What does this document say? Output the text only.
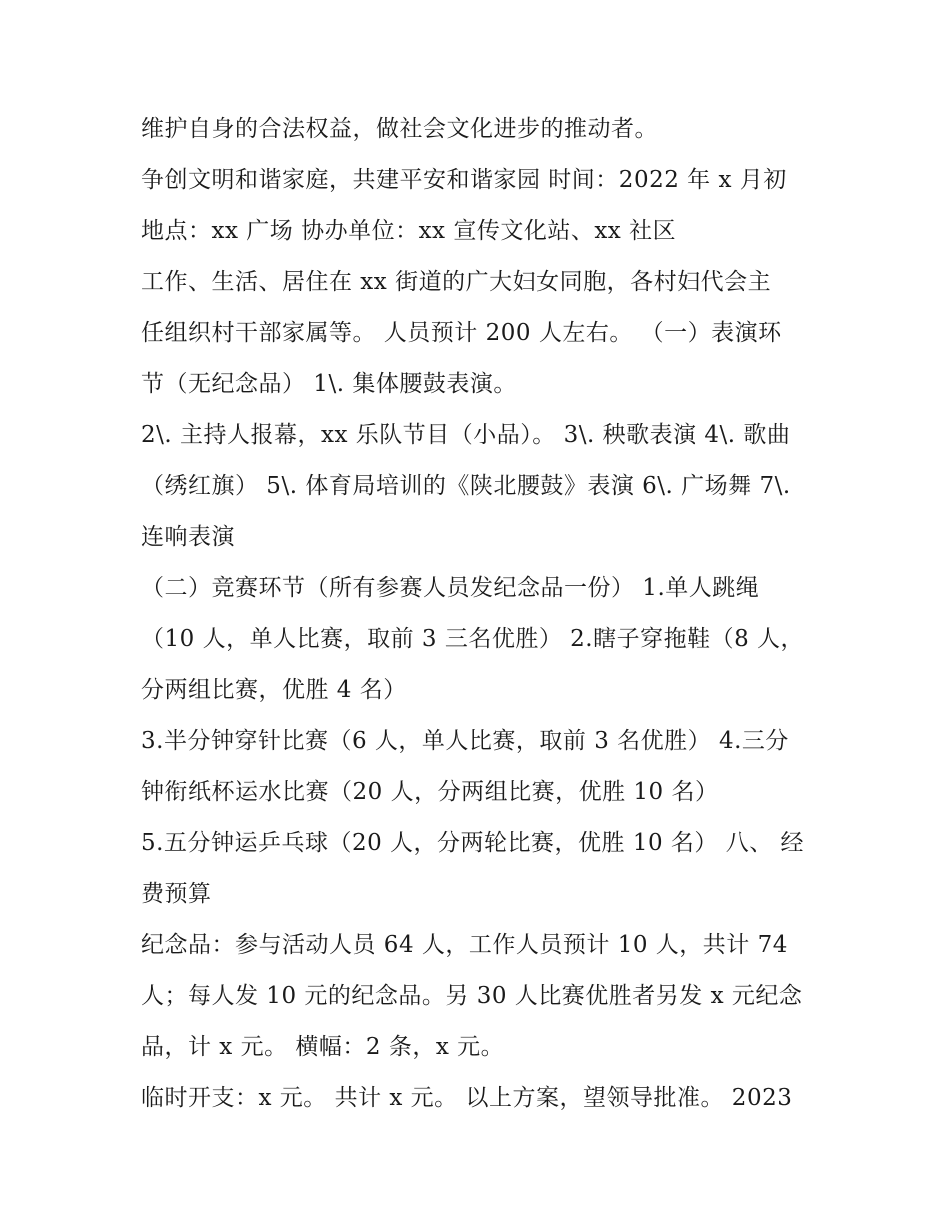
维护自身的合法权益，做社会文化进步的推动者。
争创文明和谐家庭，共建平安和谐家园 时间：2022 年 x 月初
地点：xx 广场 协办单位：xx 宣传文化站、xx 社区
工作、生活、居住在 xx 街道的广大妇女同胞，各村妇代会主
任组织村干部家属等。 人员预计 200 人左右。 （一）表演环
节（无纪念品） 1\. 集体腰鼓表演。
2\. 主持人报幕，xx 乐队节目（小品）。 3\. 秧歌表演 4\. 歌曲
（绣红旗） 5\. 体育局培训的《陕北腰鼓》表演 6\. 广场舞 7\.
连响表演
（二）竞赛环节（所有参赛人员发纪念品一份） 1.单人跳绳
（10 人，单人比赛，取前 3 三名优胜） 2.瞎子穿拖鞋（8 人，
分两组比赛，优胜 4 名）
3.半分钟穿针比赛（6 人，单人比赛，取前 3 名优胜） 4.三分
钟衔纸杯运水比赛（20 人，分两组比赛，优胜 10 名）
5.五分钟运乒乓球（20 人，分两轮比赛，优胜 10 名） 八、 经
费预算
纪念品：参与活动人员 64 人，工作人员预计 10 人，共计 74
人；每人发 10 元的纪念品。另 30 人比赛优胜者另发 x 元纪念
品，计 x 元。 横幅：2 条，x 元。
临时开支：x 元。 共计 x 元。 以上方案，望领导批准。 2023
